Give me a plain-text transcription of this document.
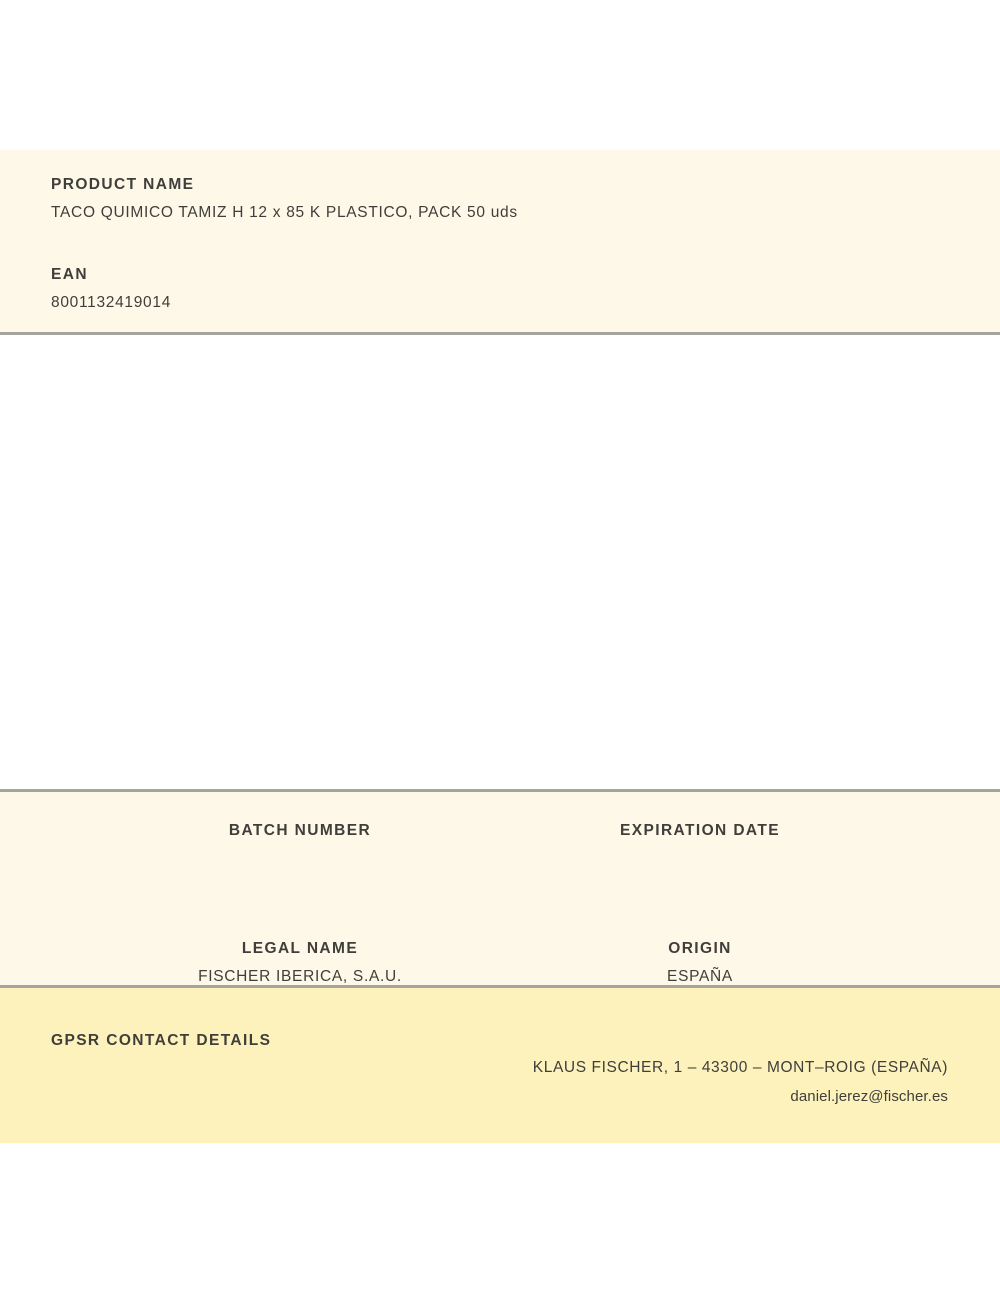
PRODUCT NAME
TACO QUIMICO TAMIZ H 12 x 85 K PLASTICO, PACK 50 uds
EAN
8001132419014
BATCH NUMBER	EXPIRATION DATE
LEGAL NAME
FISCHER IBERICA, S.A.U.
ORIGIN
ESPAÑA
GPSR CONTACT DETAILS
KLAUS FISCHER, 1 – 43300 – MONT–ROIG (ESPAÑA)
daniel.jerez@fischer.es
